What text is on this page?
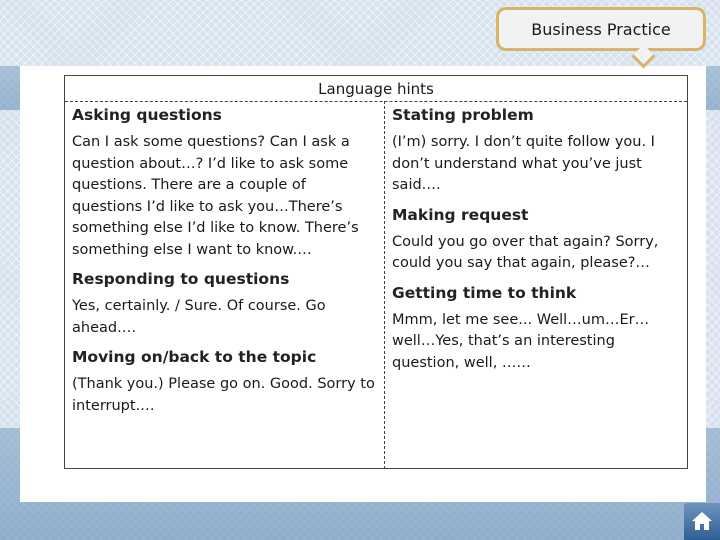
Business Practice
Language hints
Asking questions
Can I ask some questions? Can I ask a question about…? I’d like to ask some questions. There are a couple of questions I’d like to ask you…There’s something else I’d like to know. There’s something else I want to know.…
Responding to questions
Yes, certainly. / Sure. Of course. Go ahead.…
Moving on/back to the topic
(Thank you.) Please go on. Good. Sorry to interrupt.…
Stating problem
(I’m) sorry. I don’t quite follow you. I don’t understand what you’ve just said.…
Making request
Could you go over that again? Sorry, could you say that again, please?…
Getting time to think
Mmm, let me see... Well…um…Er…well…Yes, that’s an interesting question, well, ……
